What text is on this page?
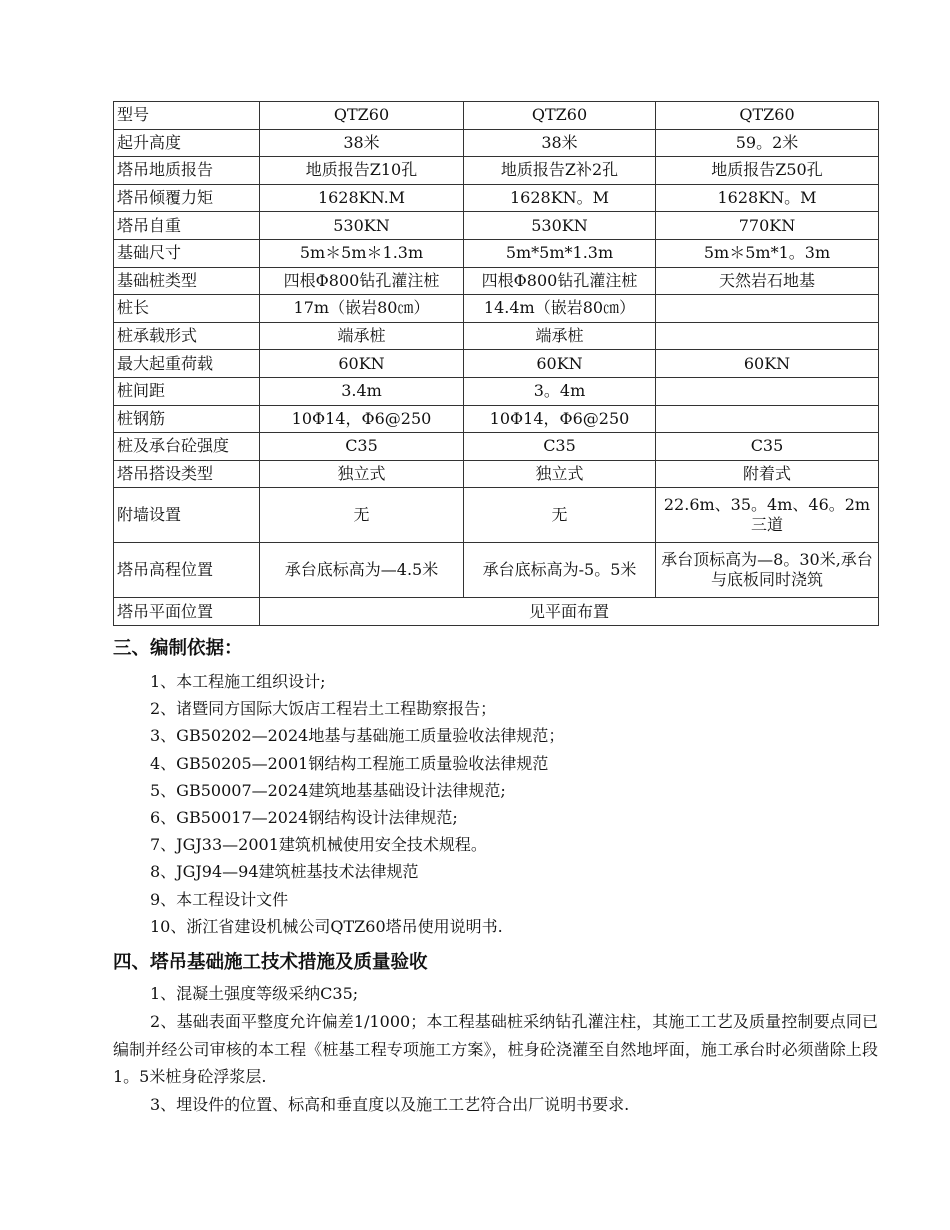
型号	QTZ60	QTZ60	QTZ60
起升高度	38米	38米	59。2米
塔吊地质报告	地质报告Z10孔	地质报告Z补2孔	地质报告Z50孔
塔吊倾覆力矩	1628KN.M	1628KN。M	1628KN。M
塔吊自重	530KN	530KN	770KN
基础尺寸	5m＊5m＊1.3m	5m*5m*1.3m	5m＊5m*1。3m
基础桩类型	四根Φ800钻孔灌注桩	四根Φ800钻孔灌注桩	天然岩石地基
桩长	17m（嵌岩80㎝）	14.4m（嵌岩80㎝）	
桩承载形式	端承桩	端承桩	
最大起重荷载	60KN	60KN	60KN
桩间距	3.4m	3。4m	
桩钢筋	10Φ14，Φ6@250	10Φ14，Φ6@250	
桩及承台砼强度	C35	C35	C35
塔吊搭设类型	独立式	独立式	附着式
附墙设置	无	无	22.6m、35。4m、46。2m三道
塔吊高程位置	承台底标高为—4.5米	承台底标高为-5。5米	承台顶标高为—8。30米,承台与底板同时浇筑
塔吊平面位置	见平面布置		
三、编制依据：

1、本工程施工组织设计;

2、诸暨同方国际大饭店工程岩土工程勘察报告；

3、GB50202—2024地基与基础施工质量验收法律规范；

4、GB50205—2001钢结构工程施工质量验收法律规范

5、GB50007—2024建筑地基基础设计法律规范;

6、GB50017—2024钢结构设计法律规范;

7、JGJ33—2001建筑机械使用安全技术规程。

8、JGJ94—94建筑桩基技术法律规范

9、本工程设计文件

10、浙江省建设机械公司QTZ60塔吊使用说明书.

四、塔吊基础施工技术措施及质量验收

1、混凝土强度等级采纳C35;

2、基础表面平整度允许偏差1/1000；本工程基础桩采纳钻孔灌注柱，其施工工艺及质量控制要点同已编制并经公司审核的本工程《桩基工程专项施工方案》，桩身砼浇灌至自然地坪面，施工承台时必须凿除上段1。5米桩身砼浮浆层.

3、埋设件的位置、标高和垂直度以及施工工艺符合出厂说明书要求.
